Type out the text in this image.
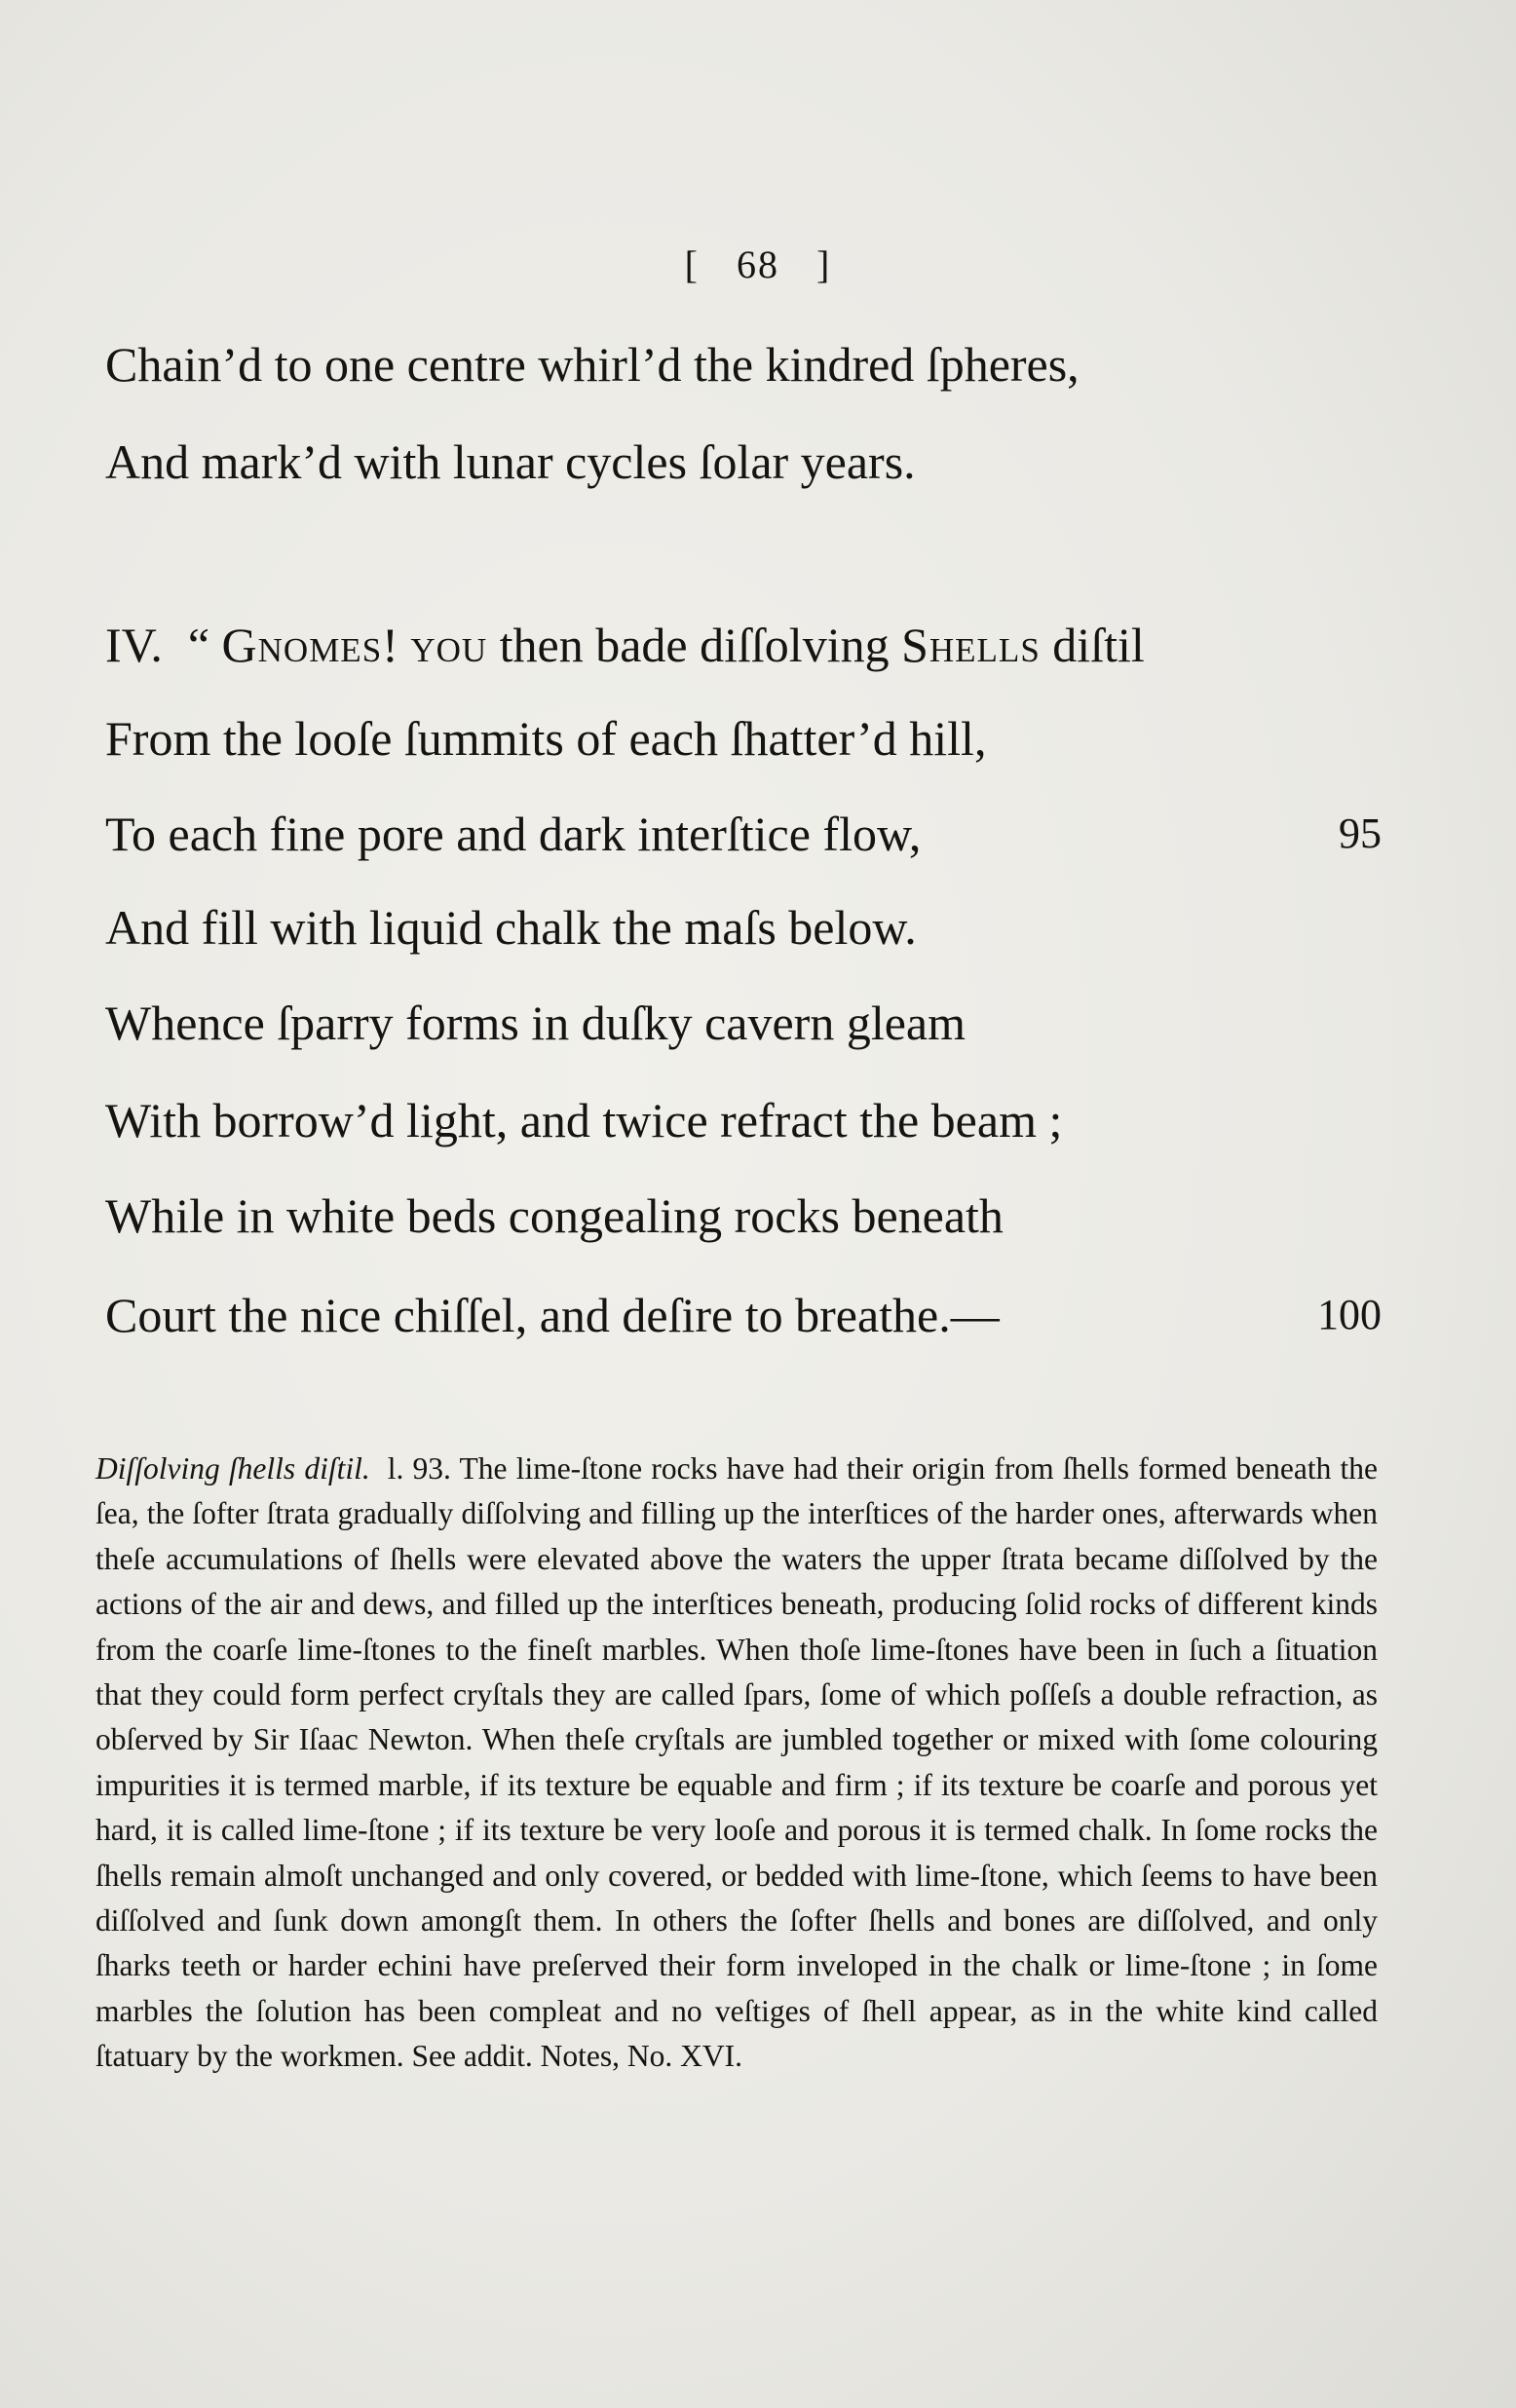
[ 68 ]
Chain’d to one centre whirl’d the kindred ſpheres,
And mark’d with lunar cycles ſolar years.
IV. “ Gnomes! you then bade diſſolving Shells diſtil
From the looſe ſummits of each ſhatter’d hill,
To each fine pore and dark interſtice flow,	95
And fill with liquid chalk the maſs below.
Whence ſparry forms in duſky cavern gleam
With borrow’d light, and twice refract the beam ;
While in white beds congealing rocks beneath
Court the nice chiſſel, and deſire to breathe.—	100
Diſſolving ſhells diſtil. l. 93. The lime-ſtone rocks have had their origin from ſhells formed beneath the ſea, the ſofter ſtrata gradually diſſolving and filling up the interſtices of the harder ones, afterwards when theſe accumulations of ſhells were elevated above the waters the upper ſtrata became diſſolved by the actions of the air and dews, and filled up the interſtices beneath, producing ſolid rocks of different kinds from the coarſe lime-ſtones to the fineſt marbles. When thoſe lime-ſtones have been in ſuch a ſituation that they could form perfect cryſtals they are called ſpars, ſome of which poſſeſs a double refraction, as obſerved by Sir Iſaac Newton. When theſe cryſtals are jumbled together or mixed with ſome colouring impurities it is termed marble, if its texture be equable and firm ; if its texture be coarſe and porous yet hard, it is called lime-ſtone ; if its texture be very looſe and porous it is termed chalk. In ſome rocks the ſhells remain almoſt unchanged and only covered, or bedded with lime-ſtone, which ſeems to have been diſſolved and ſunk down amongſt them. In others the ſofter ſhells and bones are diſſolved, and only ſharks teeth or harder echini have preſerved their form inveloped in the chalk or lime-ſtone ; in ſome marbles the ſolution has been compleat and no veſtiges of ſhell appear, as in the white kind called ſtatuary by the workmen. See addit. Notes, No. XVI.
